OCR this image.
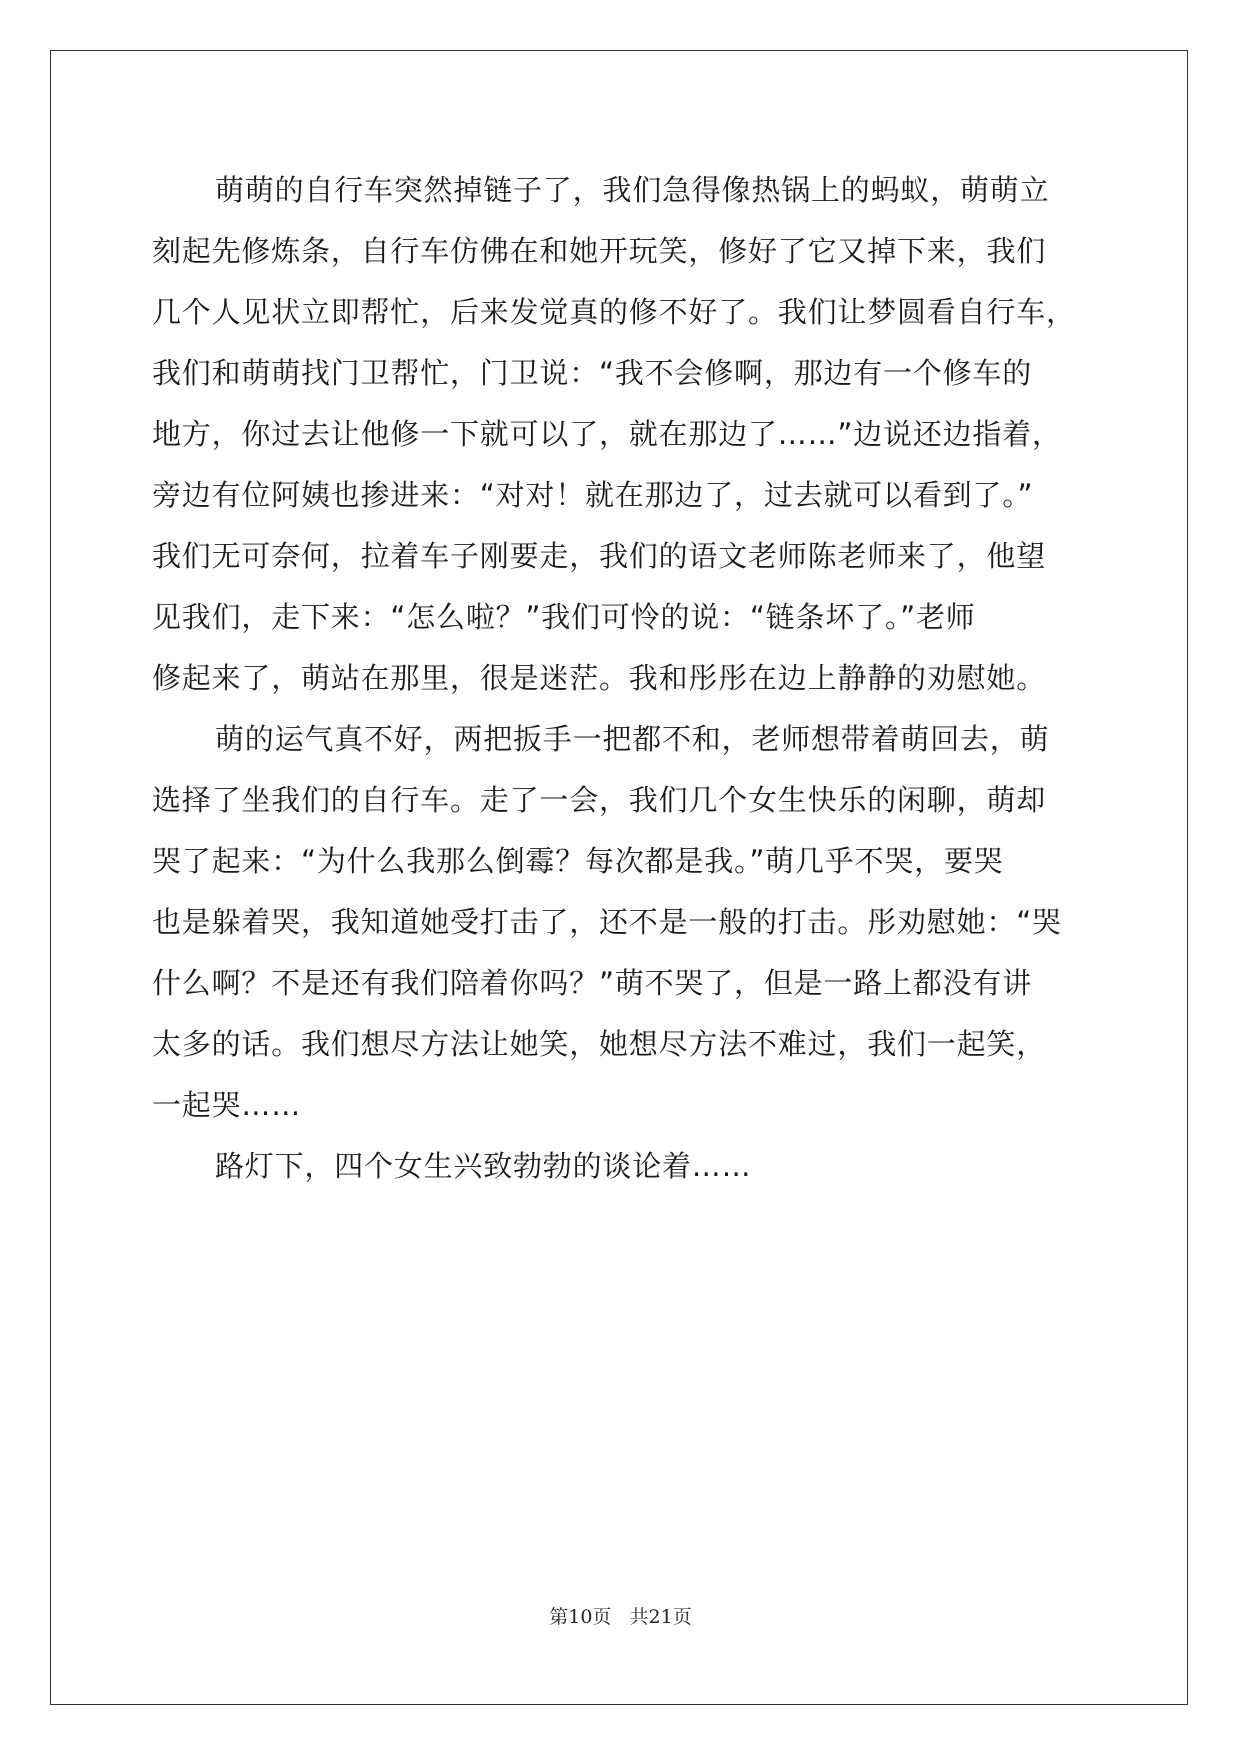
萌萌的自行车突然掉链子了，我们急得像热锅上的蚂蚁，萌萌立
刻起先修炼条，自行车仿佛在和她开玩笑，修好了它又掉下来，我们
几个人见状立即帮忙，后来发觉真的修不好了。我们让梦圆看自行车，
我们和萌萌找门卫帮忙，门卫说：“我不会修啊，那边有一个修车的
地方，你过去让他修一下就可以了，就在那边了……”边说还边指着，
旁边有位阿姨也掺进来：“对对！就在那边了，过去就可以看到了。”
我们无可奈何，拉着车子刚要走，我们的语文老师陈老师来了，他望
见我们，走下来：“怎么啦？”我们可怜的说：“链条坏了。”老师
修起来了，萌站在那里，很是迷茫。我和彤彤在边上静静的劝慰她。
萌的运气真不好，两把扳手一把都不和，老师想带着萌回去，萌
选择了坐我们的自行车。走了一会，我们几个女生快乐的闲聊，萌却
哭了起来：“为什么我那么倒霉？每次都是我。”萌几乎不哭，要哭
也是躲着哭，我知道她受打击了，还不是一般的打击。彤劝慰她：“哭
什么啊？不是还有我们陪着你吗？”萌不哭了，但是一路上都没有讲
太多的话。我们想尽方法让她笑，她想尽方法不难过，我们一起笑，
一起哭……
路灯下，四个女生兴致勃勃的谈论着……
第10页   共21页
